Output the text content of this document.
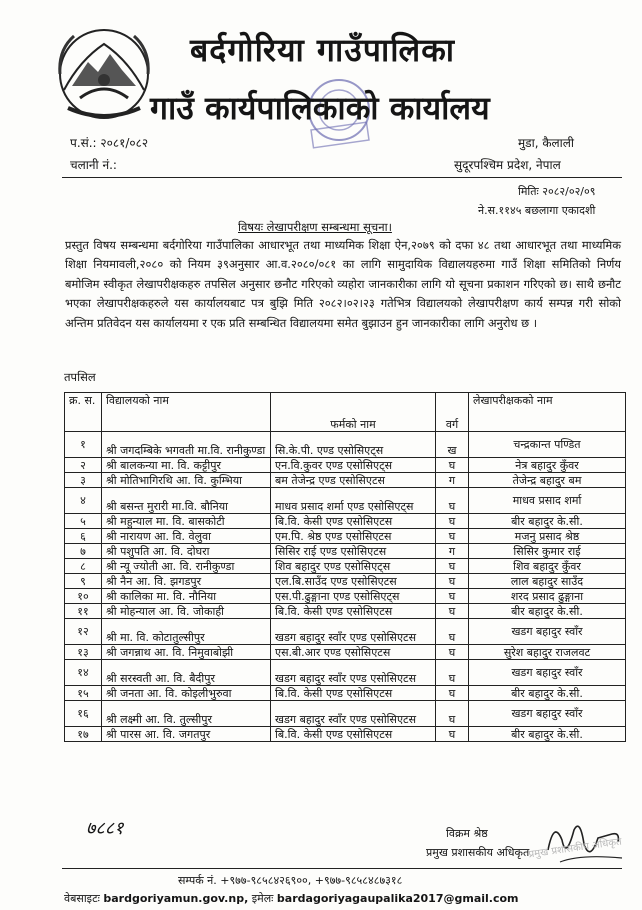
बर्दगोरिया गाउँपालिका
गाउँ कार्यपालिकाको कार्यालय
प.सं.: २०८१/०८२
चलानी नं.:
मुडा, कैलाली
सुदूरपश्चिम प्रदेश, नेपाल
मितिः २०८२/०२/०९
ने.स.११४५ बछलागा एकादशी
विषयः लेखापरीक्षण सम्बन्धमा सूचना।
प्रस्तुत विषय सम्बन्धमा बर्दगोरिया गाउँपालिका आधारभूत तथा माध्यमिक शिक्षा ऐन,२०७९ को दफा ४८ तथा आधारभूत तथा माध्यमिक शिक्षा नियमावली,२०८० को नियम ३९अनुसार आ.व.२०८०/०८१ का लागि सामुदायिक विद्यालयहरुमा गाउँ शिक्षा समितिको निर्णय बमोजिम स्वीकृत लेखापरीक्षकहरु तपसिल अनुसार छनौट गरिएको व्यहोरा जानकारीका लागि यो सूचना प्रकाशन गरिएको छ। साथै छनौट भएका लेखापरीक्षकहरुले यस कार्यालयबाट पत्र बुझि मिति २०८२।०२।२३ गतेभित्र विद्यालयको लेखापरीक्षण कार्य सम्पन्न गरी सोको अन्तिम प्रतिवेदन यस कार्यालयमा र एक प्रति सम्बन्धित विद्यालयमा समेत बुझाउन हुन जानकारीका लागि अनुरोध छ ।
तपसिल
क्र. स.	विद्यालयको नाम	फर्मको नाम	वर्ग	लेखापरीक्षकको नाम
१	श्री जगदम्बिके भगवती मा.वि. रानीकुण्डा	सि.के.पी. एण्ड एसोसिएट्स	ख	चन्द्रकान्त पण्डित
२	श्री बालकन्या मा. वि. कट्टीपुर	एन.वि.कुवर एण्ड एसोसिएट्स	घ	नेत्र बहादुर कुँवर
३	श्री मोतिभागिरथि आ. वि. कुम्भिया	बम तेजेन्द्र एण्ड एसोसिएटस	ग	तेजेन्द्र बहादुर बम
४	श्री बसन्त मुरारी मा.वि. बौनिया	माधव प्रसाद शर्मा एण्ड एसोसिएट्स	घ	माधव प्रसाद शर्मा
५	श्री महुन्याल मा. वि. बासकोटी	बि.वि. केसी एण्ड एसोसिएटस	घ	बीर बहादुर के.सी.
६	श्री नारायण आ. वि. वेलुवा	एम.पि. श्रेष्ठ एण्ड एसोसिएटस	घ	मजनु प्रसाद श्रेष्ठ
७	श्री पशुपति आ. वि. दोघरा	सिसिर राई एण्ड एसोसिएटस	ग	सिसिर कुमार राई
८	श्री न्यू ज्योती आ. वि. रानीकुण्डा	शिव बहादुर एण्ड एसोसिएट्स	घ	शिव बहादुर कुँवर
९	श्री नैन आ. वि. झगडपुर	एल.बि.साउँद एण्ड एसोसिएटस	घ	लाल बहादुर साउँद
१०	श्री कालिका मा. वि. नौनिया	एस.पी.ढुङ्गाना एण्ड एसोसिएट्स	घ	शरद प्रसाद ढुङ्गाना
११	श्री मोहन्याल आ. वि. जोकाही	बि.वि. केसी एण्ड एसोसिएटस	घ	बीर बहादुर के.सी.
१२	श्री मा. वि. कोटातुल्सीपुर	खडग बहादुर स्वाँर एण्ड एसोसिएटस	घ	खडग बहादुर स्वाँर
१३	श्री जगन्नाथ आ. वि. निमुवाबोझी	एस.बी.आर एण्ड एसोसिएटस	घ	सुरेश बहादुर राजलवट
१४	श्री सरस्वती आ. वि. बैदीपुर	खडग बहादुर स्वाँर एण्ड एसोसिएटस	घ	खडग बहादुर स्वाँर
१५	श्री जनता आ. वि. कोइलीभुरुवा	बि.वि. केसी एण्ड एसोसिएटस	घ	बीर बहादुर के.सी.
१६	श्री लक्ष्मी आ. वि. तुल्सीपुर	खडग बहादुर स्वाँर एण्ड एसोसिएटस	घ	खडग बहादुर स्वाँर
१७	श्री पारस आ. वि. जगतपुर	बि.वि. केसी एण्ड एसोसिएटस	घ	बीर बहादुर के.सी.
७८८१	विक्रम श्रेष्ठ
प्रमुख प्रशासकीय अधिकृत
प्रमुख प्रशासकीय अधिकृत
सम्पर्क नं. +९७७-९८५८४२६९००, +९७७-९८५८४८७३१८
वेबसाइटः bardgoriyamun.gov.np, इमेलः bardagoriyagaupalika2017@gmail.com
